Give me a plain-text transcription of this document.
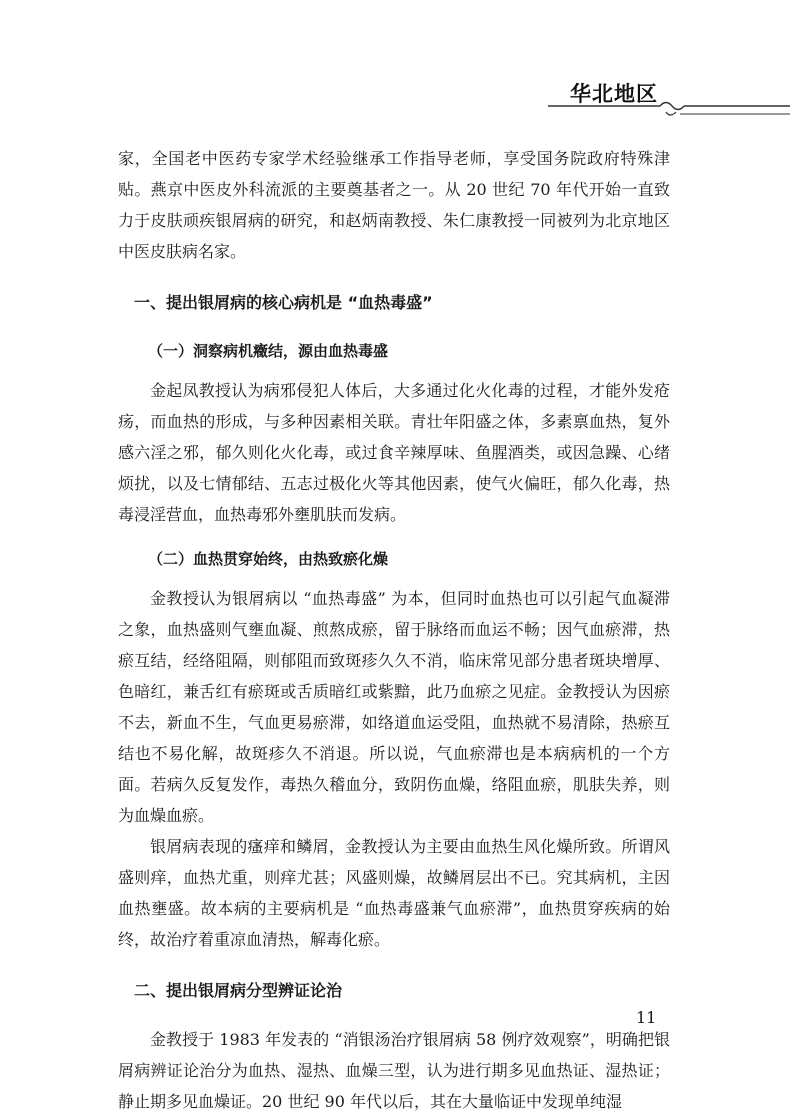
华北地区

家，全国老中医药专家学术经验继承工作指导老师，享受国务院政府特殊津贴。燕京中医皮外科流派的主要奠基者之一。从 20 世纪 70 年代开始一直致力于皮肤顽疾银屑病的研究，和赵炳南教授、朱仁康教授一同被列为北京地区中医皮肤病名家。

一、提出银屑病的核心病机是 “血热毒盛”

（一）洞察病机癥结，源由血热毒盛

金起凤教授认为病邪侵犯人体后，大多通过化火化毒的过程，才能外发疮疡，而血热的形成，与多种因素相关联。青壮年阳盛之体，多素禀血热，复外感六淫之邪，郁久则化火化毒，或过食辛辣厚味、鱼腥酒类，或因急躁、心绪烦扰，以及七情郁结、五志过极化火等其他因素，使气火偏旺，郁久化毒，热毒浸淫营血，血热毒邪外壅肌肤而发病。

（二）血热贯穿始终，由热致瘀化燥

金教授认为银屑病以 “血热毒盛” 为本，但同时血热也可以引起气血凝滞之象，血热盛则气壅血凝、煎熬成瘀，留于脉络而血运不畅；因气血瘀滞，热瘀互结，经络阻隔，则郁阻而致斑疹久久不消，临床常见部分患者斑块增厚、色暗红，兼舌红有瘀斑或舌质暗红或紫黯，此乃血瘀之见症。金教授认为因瘀不去，新血不生，气血更易瘀滞，如络道血运受阻，血热就不易清除，热瘀互结也不易化解，故斑疹久不消退。所以说，气血瘀滞也是本病病机的一个方面。若病久反复发作，毒热久稽血分，致阴伤血燥，络阻血瘀，肌肤失养，则为血燥血瘀。

银屑病表现的瘙痒和鳞屑，金教授认为主要由血热生风化燥所致。所谓风盛则痒，血热尤重，则痒尤甚；风盛则燥，故鳞屑层出不已。究其病机，主因血热壅盛。故本病的主要病机是 “血热毒盛兼气血瘀滞”，血热贯穿疾病的始终，故治疗着重凉血清热，解毒化瘀。

二、提出银屑病分型辨证论治

金教授于 1983 年发表的 “消银汤治疗银屑病 58 例疗效观察”，明确把银屑病辨证论治分为血热、湿热、血燥三型，认为进行期多见血热证、湿热证；静止期多见血燥证。20 世纪 90 年代以后，其在大量临证中发现单纯湿

11
